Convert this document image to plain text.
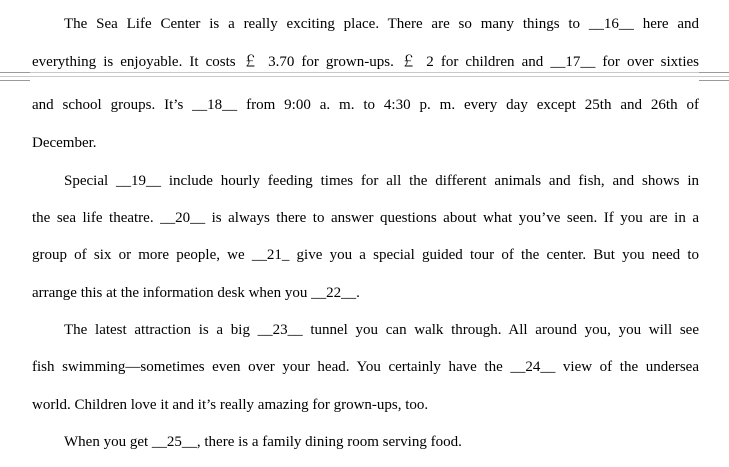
The Sea Life Center is a really exciting place. There are so many things to __16__ here and
everything is enjoyable. It costs ￡ 3.70 for grown-ups. ￡ 2 for children and __17__ for over sixties
and school groups. It’s __18__ from 9:00 a. m. to 4:30 p. m. every day except 25th and 26th of
December.
Special __19__ include hourly feeding times for all the different animals and fish, and shows in
the sea life theatre. __20__ is always there to answer questions about what you’ve seen. If you are in a
group of six or more people, we __21_ give you a special guided tour of the center. But you need to
arrange this at the information desk when you __22__.
The latest attraction is a big __23__ tunnel you can walk through. All around you, you will see
fish swimming—sometimes even over your head. You certainly have the __24__ view of the undersea
world. Children love it and it’s really amazing for grown-ups, too.
When you get __25__, there is a family dining room serving food.
